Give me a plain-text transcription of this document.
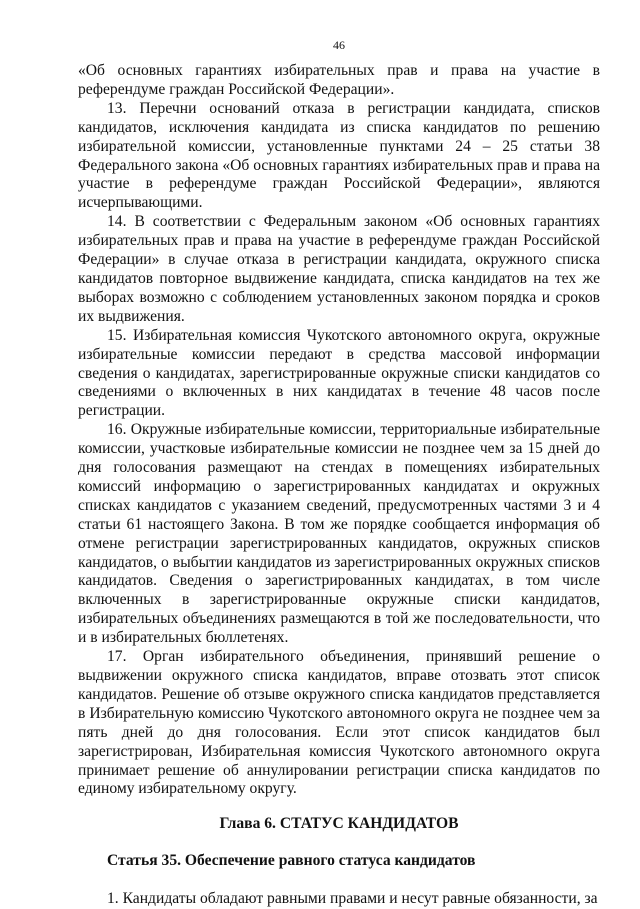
46

«Об основных гарантиях избирательных прав и права на участие в референдуме граждан Российской Федерации».

13. Перечни оснований отказа в регистрации кандидата, списков кандидатов, исключения кандидата из списка кандидатов по решению избирательной комиссии, установленные пунктами 24 – 25 статьи 38 Федерального закона «Об основных гарантиях избирательных прав и права на участие в референдуме граждан Российской Федерации», являются исчерпывающими.

14. В соответствии с Федеральным законом «Об основных гарантиях избирательных прав и права на участие в референдуме граждан Российской Федерации» в случае отказа в регистрации кандидата, окружного списка кандидатов повторное выдвижение кандидата, списка кандидатов на тех же выборах возможно с соблюдением установленных законом порядка и сроков их выдвижения.

15. Избирательная комиссия Чукотского автономного округа, окружные избирательные комиссии передают в средства массовой информации сведения о кандидатах, зарегистрированные окружные списки кандидатов со сведениями о включенных в них кандидатах в течение 48 часов после регистрации.

16. Окружные избирательные комиссии, территориальные избирательные комиссии, участковые избирательные комиссии не позднее чем за 15 дней до дня голосования размещают на стендах в помещениях избирательных комиссий информацию о зарегистрированных кандидатах и окружных списках кандидатов с указанием сведений, предусмотренных частями 3 и 4 статьи 61 настоящего Закона. В том же порядке сообщается информация об отмене регистрации зарегистрированных кандидатов, окружных списков кандидатов, о выбытии кандидатов из зарегистрированных окружных списков кандидатов. Сведения о зарегистрированных кандидатах, в том числе включенных в зарегистрированные окружные списки кандидатов, избирательных объединениях размещаются в той же последовательности, что и в избирательных бюллетенях.

17. Орган избирательного объединения, принявший решение о выдвижении окружного списка кандидатов, вправе отозвать этот список кандидатов. Решение об отзыве окружного списка кандидатов представляется в Избирательную комиссию Чукотского автономного округа не позднее чем за пять дней до дня голосования. Если этот список кандидатов был зарегистрирован, Избирательная комиссия Чукотского автономного округа принимает решение об аннулировании регистрации списка кандидатов по единому избирательному округу.

Глава 6. СТАТУС КАНДИДАТОВ

Статья 35. Обеспечение равного статуса кандидатов

1. Кандидаты обладают равными правами и несут равные обязанности, за
